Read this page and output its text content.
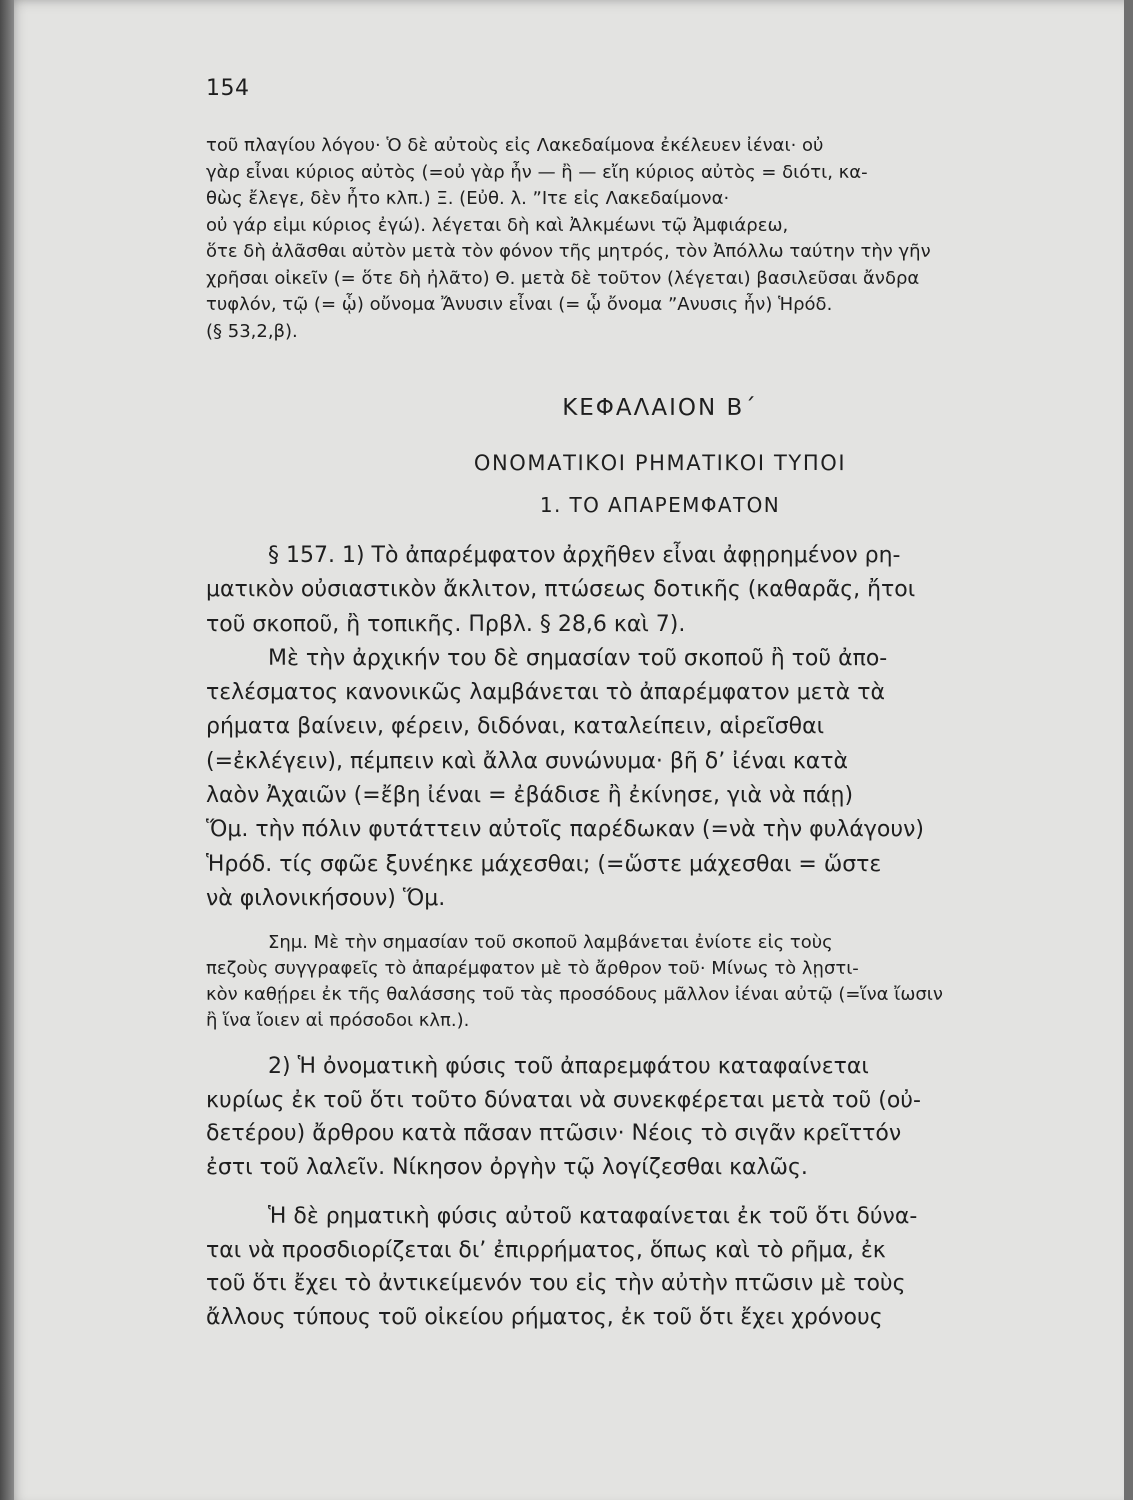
154

τοῦ πλαγίου λόγου· Ὁ δὲ αὐτοὺς εἰς Λακεδαίμονα ἐκέλευεν ἰέναι· οὐ

γὰρ εἶναι κύριος αὐτὸς (=οὐ γὰρ ἦν — ἢ — εἴη κύριος αὐτὸς = διότι, κα-

θὼς ἔλεγε, δὲν ἦτο κλπ.) Ξ. (Εὐθ. λ. ˮΙτε εἰς Λακεδαίμονα·

οὐ γάρ εἰμι κύριος ἐγώ). λέγεται δὴ καὶ Ἀλκμέωνι τῷ Ἀμφιάρεω,

ὅτε δὴ ἀλᾶσθαι αὐτὸν μετὰ τὸν φόνον τῆς μητρός, τὸν Ἀπόλλω ταύτην τὴν γῆν

χρῆσαι οἰκεῖν (= ὅτε δὴ ἠλᾶτο) Θ. μετὰ δὲ τοῦτον (λέγεται) βασιλεῦσαι ἄνδρα

τυφλόν, τῷ (= ᾧ) οὔνομα Ἄνυσιν εἶναι (= ᾧ ὄνομα ˮΑνυσις ἦν) Ἡρόδ.

(§ 53,2,β).

ΚΕΦΑΛΑΙΟΝ Β΄
ΟΝΟΜΑΤΙΚΟΙ ΡΗΜΑΤΙΚΟΙ ΤΥΠΟΙ
1. ΤΟ ΑΠΑΡΕΜΦΑΤΟΝ

§ 157. 1) Τὸ ἀπαρέμφατον ἀρχῆθεν εἶναι ἀφῃρημένον ρη-

ματικὸν οὐσιαστικὸν ἄκλιτον, πτώσεως δοτικῆς (καθαρᾶς, ἤτοι

τοῦ σκοποῦ, ἢ τοπικῆς. Πρβλ. § 28,6 καὶ 7).

Μὲ τὴν ἀρχικήν του δὲ σημασίαν τοῦ σκοποῦ ἢ τοῦ ἀπο-

τελέσματος κανονικῶς λαμβάνεται τὸ ἀπαρέμφατον μετὰ τὰ

ρήματα βαίνειν, φέρειν, διδόναι, καταλείπειν, αἱρεῖσθαι

(=ἐκλέγειν), πέμπειν καὶ ἄλλα συνώνυμα· βῆ δ’ ἰέναι κατὰ

λαὸν Ἀχαιῶν (=ἔβη ἰέναι = ἐβάδισε ἢ ἐκίνησε, γιὰ νὰ πάῃ)

Ὅμ. τὴν πόλιν φυτάττειν αὐτοῖς παρέδωκαν (=νὰ τὴν φυλάγουν)

Ἡρόδ. τίς σφῶε ξυνέηκε μάχεσθαι; (=ὥστε μάχεσθαι = ὥστε

νὰ φιλονικήσουν) Ὅμ.

Σημ. Μὲ τὴν σημασίαν τοῦ σκοποῦ λαμβάνεται ἐνίοτε εἰς τοὺς

πεζοὺς συγγραφεῖς τὸ ἀπαρέμφατον μὲ τὸ ἄρθρον τοῦ· Μίνως τὸ λῃστι-

κὸν καθῄρει ἐκ τῆς θαλάσσης τοῦ τὰς προσόδους μᾶλλον ἰέναι αὐτῷ (=ἵνα ἴωσιν

ἢ ἵνα ἴοιεν αἱ πρόσοδοι κλπ.).

2) Ἡ ὀνοματικὴ φύσις τοῦ ἀπαρεμφάτου καταφαίνεται

κυρίως ἐκ τοῦ ὅτι τοῦτο δύναται νὰ συνεκφέρεται μετὰ τοῦ (οὐ-

δετέρου) ἄρθρου κατὰ πᾶσαν πτῶσιν· Νέοις τὸ σιγᾶν κρεῖττόν

ἐστι τοῦ λαλεῖν. Νίκησον ὀργὴν τῷ λογίζεσθαι καλῶς.

Ἡ δὲ ρηματικὴ φύσις αὐτοῦ καταφαίνεται ἐκ τοῦ ὅτι δύνα-

ται νὰ προσδιορίζεται δι’ ἐπιρρήματος, ὅπως καὶ τὸ ρῆμα, ἐκ

τοῦ ὅτι ἔχει τὸ ἀντικείμενόν του εἰς τὴν αὐτὴν πτῶσιν μὲ τοὺς

ἄλλους τύπους τοῦ οἰκείου ρήματος, ἐκ τοῦ ὅτι ἔχει χρόνους
